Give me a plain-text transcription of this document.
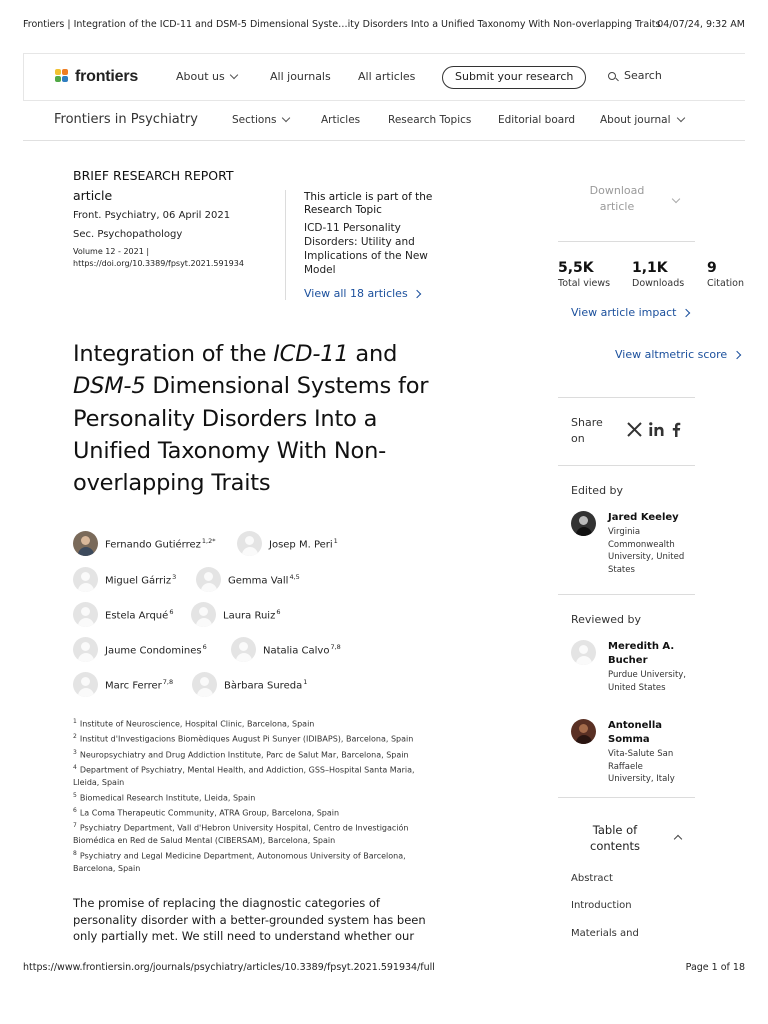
Frontiers | Integration of the ICD-11 and DSM-5 Dimensional Syste…ity Disorders Into a Unified Taxonomy With Non-overlapping Traits
04/07/24, 9:32 AM
frontiers	About us	All journals All articles	Submit your research	Search
Frontiers in Psychiatry	Sections	Articles	Research Topics	Editorial board About journal
BRIEF RESEARCH REPORT
article
Front. Psychiatry, 06 April 2021
Sec. Psychopathology
Volume 12 - 2021 |
https://doi.org/10.3389/fpsyt.2021.591934
This article is part of the Research Topic
ICD-11 Personality Disorders: Utility and Implications of the New Model
View all 18 articles
Integration of the ICD-11 and
DSM-5 Dimensional Systems for Personality Disorders Into a Unified Taxonomy With Non-overlapping Traits
Fernando Gutiérrez$^{1,2*}$	Josep M. Peri$^1$
Miguel Gárriz$^3$	Gemma Vall$^{4,5}$
Estela Arqué$^6$	Laura Ruiz$^6$
Jaume Condomines$^6$	Natalia Calvo$^{7,8}$
Marc Ferrer$^{7,8}$	Bàrbara Sureda$^1$
$^1$ Institute of Neuroscience, Hospital Clinic, Barcelona, Spain
$^2$ Institut d'Investigacions Biomèdiques August Pi Sunyer (IDIBAPS), Barcelona, Spain
$^3$ Neuropsychiatry and Drug Addiction Institute, Parc de Salut Mar, Barcelona, Spain
$^4$ Department of Psychiatry, Mental Health, and Addiction, GSS–Hospital Santa Maria, Lleida, Spain
$^5$ Biomedical Research Institute, Lleida, Spain
$^6$ La Coma Therapeutic Community, ATRA Group, Barcelona, Spain
$^7$ Psychiatry Department, Vall d'Hebron University Hospital, Centro de Investigación Biomédica en Red de Salud Mental (CIBERSAM), Barcelona, Spain
$^8$ Psychiatry and Legal Medicine Department, Autonomous University of Barcelona, Barcelona, Spain
The promise of replacing the diagnostic categories of personality disorder with a better-grounded system has been only partially met. We still need to understand whether our
Download article
5,5K
Total views
1,1K
Downloads
9
Citation
View article impact
View altmetric score
Share on
Edited by
Jared Keeley
Virginia Commonwealth University, United States
Reviewed by
Meredith A. Bucher
Purdue University, United States
Antonella Somma
Vita-Salute San Raffaele University, Italy
Table of contents
Abstract
Introduction
Materials and
https://www.frontiersin.org/journals/psychiatry/articles/10.3389/fpsyt.2021.591934/full	Page 1 of 18
